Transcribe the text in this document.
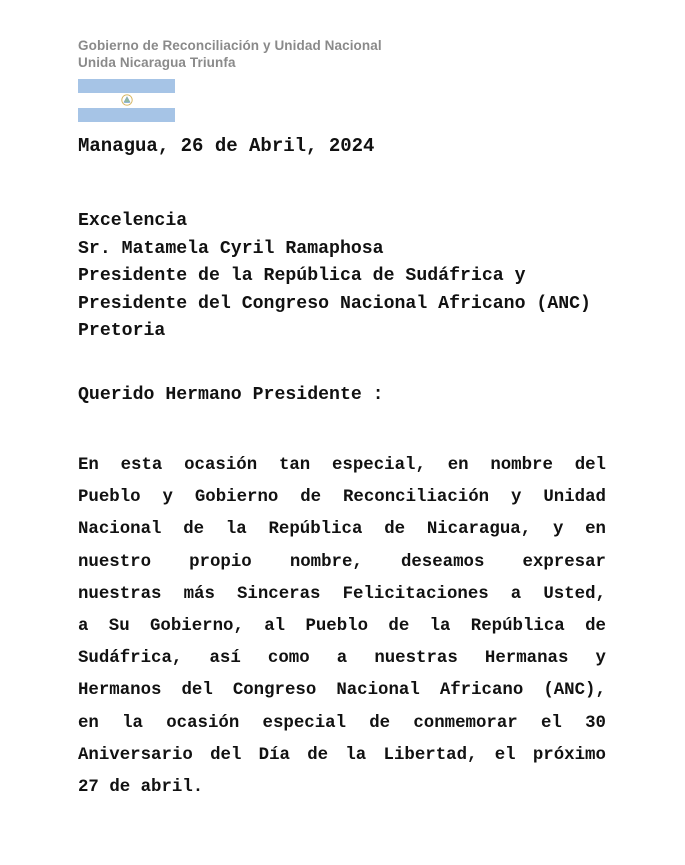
Gobierno de Reconciliación y Unidad Nacional
Unida Nicaragua Triunfa
Managua, 26 de Abril, 2024
Excelencia
Sr. Matamela Cyril Ramaphosa
Presidente de la República de Sudáfrica y
Presidente del Congreso Nacional Africano (ANC)
Pretoria
Querido Hermano Presidente :
En esta ocasión tan especial, en nombre del
Pueblo y Gobierno de Reconciliación y Unidad
Nacional de la República de Nicaragua, y en
nuestro propio nombre, deseamos expresar
nuestras más Sinceras Felicitaciones a Usted,
a Su Gobierno, al Pueblo de la República de
Sudáfrica, así como a nuestras Hermanas y
Hermanos del Congreso Nacional Africano (ANC),
en la ocasión especial de conmemorar el 30
Aniversario del Día de la Libertad, el próximo
27 de abril.
